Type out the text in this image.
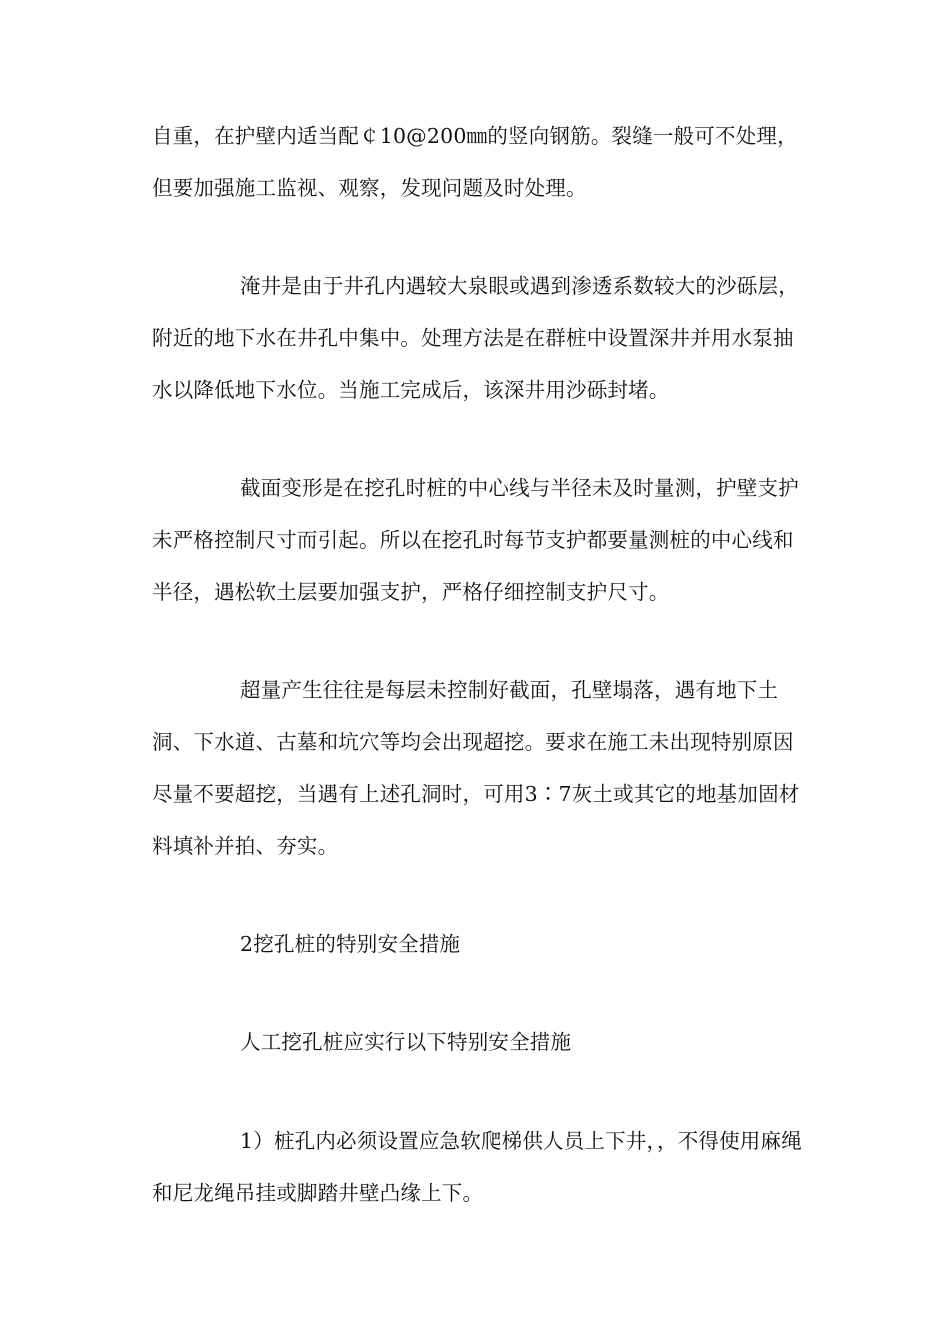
自重，在护壁内适当配￠10@200㎜的竖向钢筋。裂缝一般可不处理，但要加强施工监视、观察，发现问题及时处理。

淹井是由于井孔内遇较大泉眼或遇到渗透系数较大的沙砾层，附近的地下水在井孔中集中。处理方法是在群桩中设置深井并用水泵抽水以降低地下水位。当施工完成后，该深井用沙砾封堵。

截面变形是在挖孔时桩的中心线与半径未及时量测，护壁支护未严格控制尺寸而引起。所以在挖孔时每节支护都要量测桩的中心线和半径，遇松软土层要加强支护，严格仔细控制支护尺寸。

超量产生往往是每层未控制好截面，孔壁塌落，遇有地下土洞、下水道、古墓和坑穴等均会出现超挖。要求在施工未出现特别原因尽量不要超挖，当遇有上述孔洞时，可用3∶7灰土或其它的地基加固材料填补并拍、夯实。

2挖孔桩的特别安全措施

人工挖孔桩应实行以下特别安全措施

1）桩孔内必须设置应急软爬梯供人员上下井，，不得使用麻绳和尼龙绳吊挂或脚踏井壁凸缘上下。
